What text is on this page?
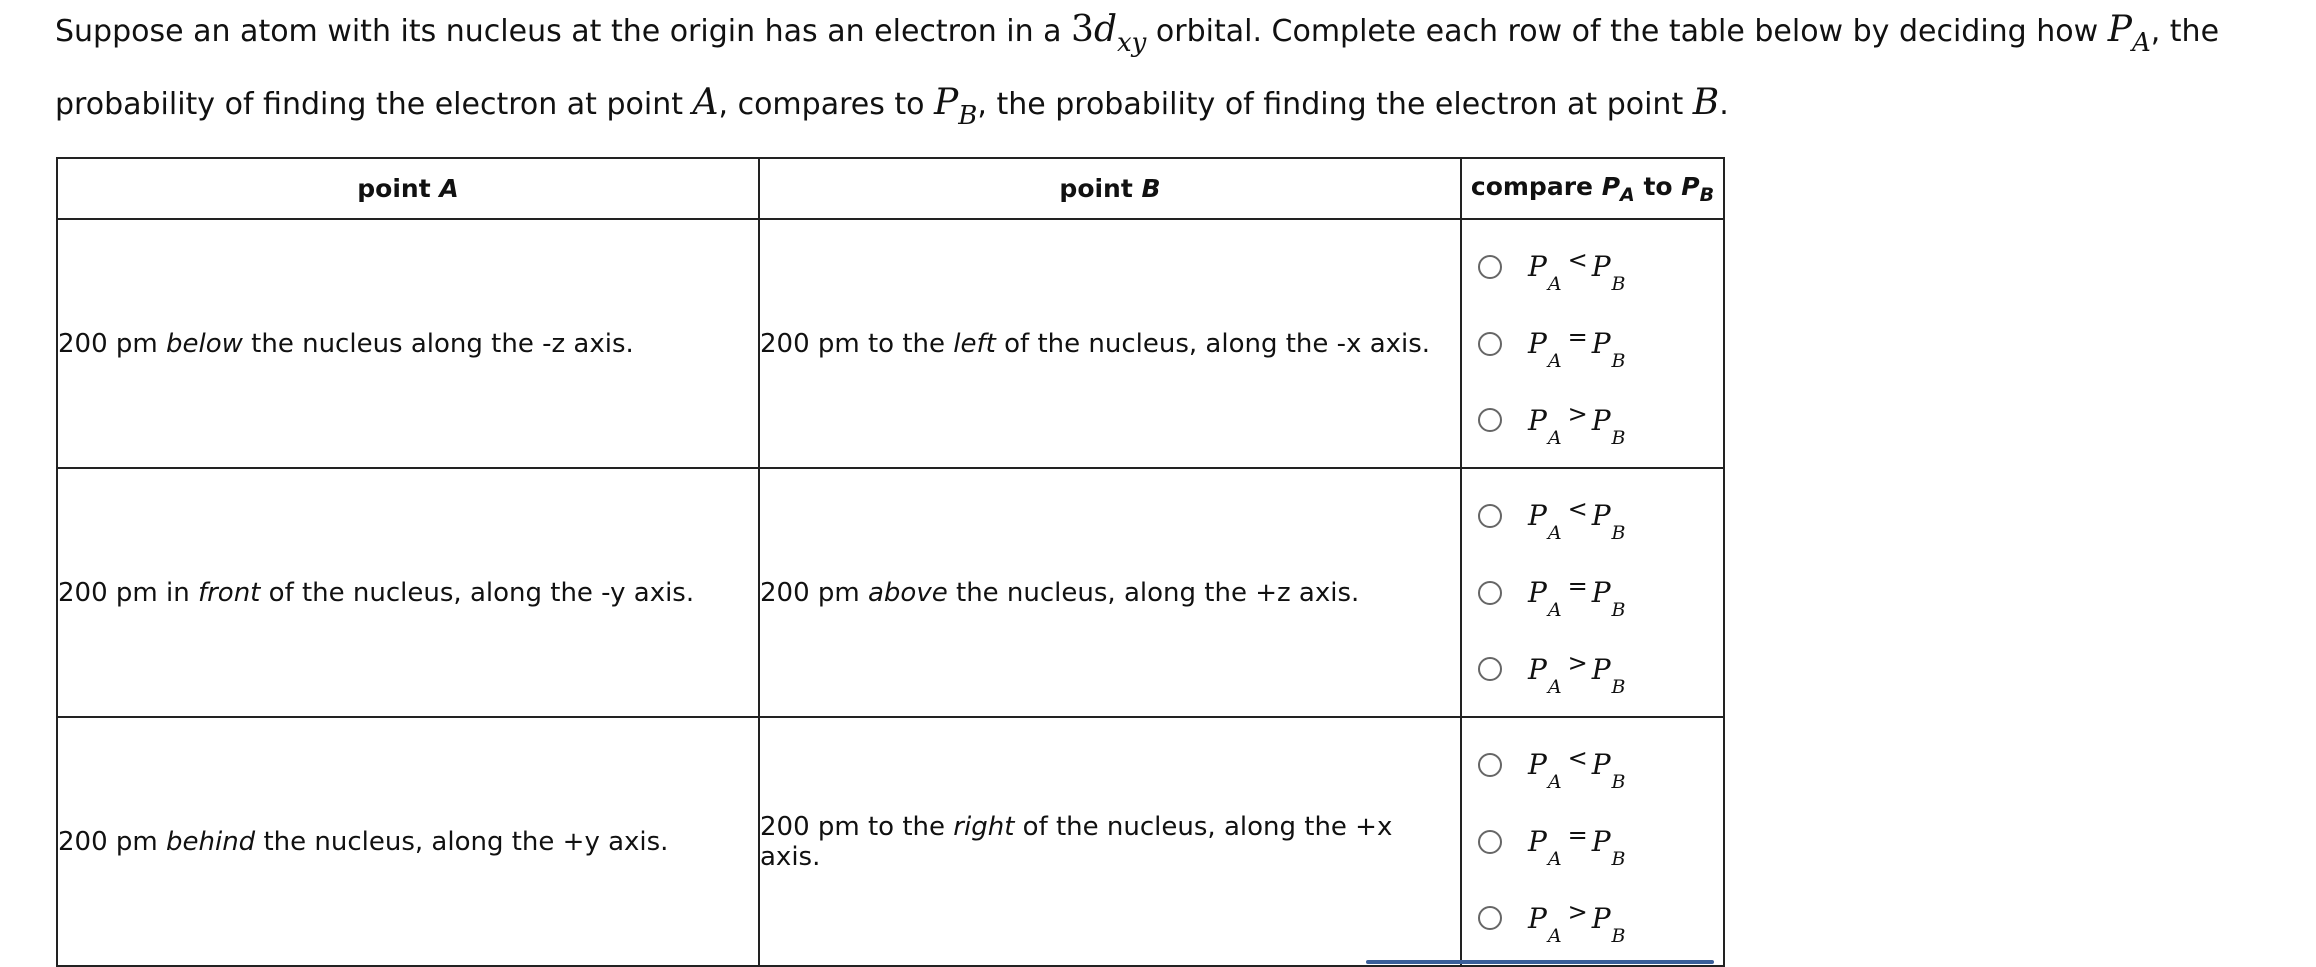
Suppose an atom with its nucleus at the origin has an electron in a 3dxy orbital. Complete each row of the table below by deciding how PA, the probability of finding the electron at point A, compares to PB, the probability of finding the electron at point B.
point A	point B	compare $P_A$ to $P_B$
200 pm below the nucleus along the -z axis.	200 pm to the left of the nucleus, along the -x axis.	$P_A< P_B$
$P_A= P_B$
$P_A> P_B$

200 pm in front of the nucleus, along the -y axis.	200 pm above the nucleus, along the +z axis.	$P_A< P_B$
$P_A= P_B$
$P_A> P_B$

200 pm behind the nucleus, along the +y axis.	200 pm to the right of the nucleus, along the +x axis.	$P_A< P_B$
$P_A= P_B$
$P_A> P_B$
